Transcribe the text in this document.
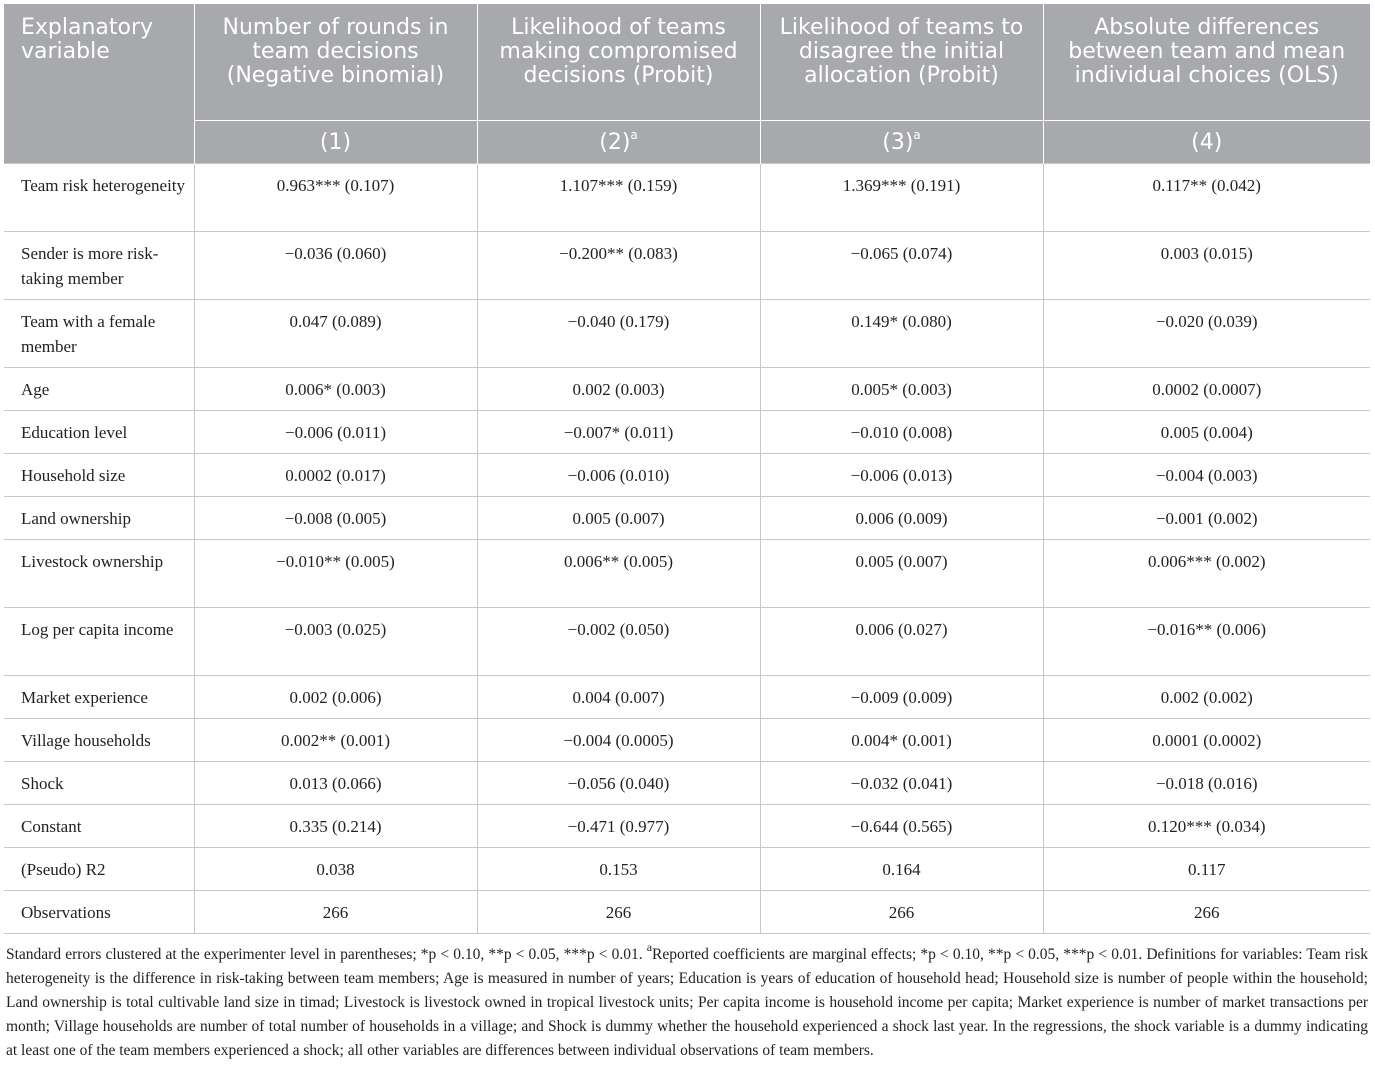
Explanatory variable	Number of rounds in team decisions (Negative binomial)	Likelihood of teams making compromised decisions (Probit)	Likelihood of teams to disagree the initial allocation (Probit)	Absolute differences between team and mean individual choices (OLS)
	(1)	$(2)^a$	$(3)^a$	(4)
Team risk heterogeneity	0.963*** (0.107)	1.107*** (0.159)	1.369*** (0.191)	0.117** (0.042)
Sender is more risk-taking member	−0.036 (0.060)	−0.200** (0.083)	−0.065 (0.074)	0.003 (0.015)
Team with a female member	0.047 (0.089)	−0.040 (0.179)	0.149* (0.080)	−0.020 (0.039)
Age	0.006* (0.003)	0.002 (0.003)	0.005* (0.003)	0.0002 (0.0007)
Education level	−0.006 (0.011)	−0.007* (0.011)	−0.010 (0.008)	0.005 (0.004)
Household size	0.0002 (0.017)	−0.006 (0.010)	−0.006 (0.013)	−0.004 (0.003)
Land ownership	−0.008 (0.005)	0.005 (0.007)	0.006 (0.009)	−0.001 (0.002)
Livestock ownership	−0.010** (0.005)	0.006** (0.005)	0.005 (0.007)	0.006*** (0.002)
Log per capita income	−0.003 (0.025)	−0.002 (0.050)	0.006 (0.027)	−0.016** (0.006)
Market experience	0.002 (0.006)	0.004 (0.007)	−0.009 (0.009)	0.002 (0.002)
Village households	0.002** (0.001)	−0.004 (0.0005)	0.004* (0.001)	0.0001 (0.0002)
Shock	0.013 (0.066)	−0.056 (0.040)	−0.032 (0.041)	−0.018 (0.016)
Constant	0.335 (0.214)	−0.471 (0.977)	−0.644 (0.565)	0.120*** (0.034)
(Pseudo) R2	0.038	0.153	0.164	0.117
Observations	266	266	266	266
Standard errors clustered at the experimenter level in parentheses; *p < 0.10, **p < 0.05, ***p < 0.01. $^a$Reported coefficients are marginal effects; *p < 0.10, **p < 0.05, ***p < 0.01. Definitions for variables: Team risk heterogeneity is the difference in risk-taking between team members; Age is measured in number of years; Education is years of education of household head; Household size is number of people within the household; Land ownership is total cultivable land size in timad; Livestock is livestock owned in tropical livestock units; Per capita income is household income per capita; Market experience is number of market transactions per month; Village households are number of total number of households in a village; and Shock is dummy whether the household experienced a shock last year. In the regressions, the shock variable is a dummy indicating at least one of the team members experienced a shock; all other variables are differences between individual observations of team members.
